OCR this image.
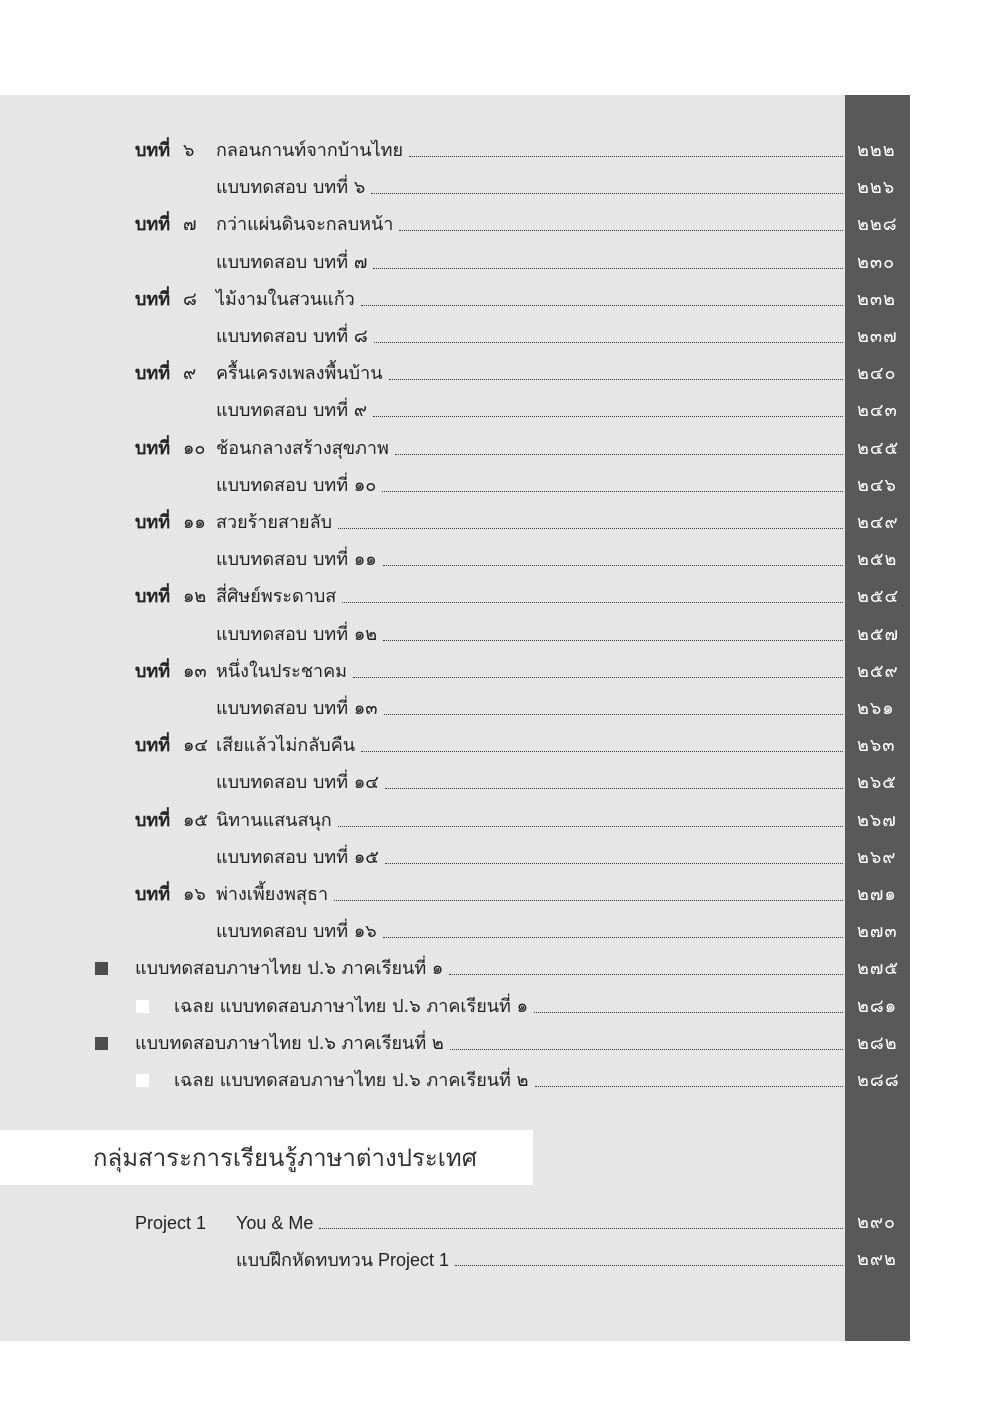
บทที่ ๖ กลอนกานท์จากบ้านไทย	๒๒๒
แบบทดสอบ บทที่ ๖	๒๒๖
บทที่ ๗ กว่าแผ่นดินจะกลบหน้า	๒๒๘
แบบทดสอบ บทที่ ๗	๒๓๐
บทที่ ๘ ไม้งามในสวนแก้ว	๒๓๒
แบบทดสอบ บทที่ ๘	๒๓๗
บทที่ ๙ ครื้นเครงเพลงพื้นบ้าน	๒๔๐
แบบทดสอบ บทที่ ๙	๒๔๓
บทที่ ๑๐ ช้อนกลางสร้างสุขภาพ	๒๔๕
แบบทดสอบ บทที่ ๑๐	๒๔๖
บทที่ ๑๑ สวยร้ายสายลับ	๒๔๙
แบบทดสอบ บทที่ ๑๑	๒๕๒
บทที่ ๑๒ สี่ศิษย์พระดาบส	๒๕๔
แบบทดสอบ บทที่ ๑๒	๒๕๗
บทที่ ๑๓ หนึ่งในประชาคม	๒๕๙
แบบทดสอบ บทที่ ๑๓	๒๖๑
บทที่ ๑๔ เสียแล้วไม่กลับคืน	๒๖๓
แบบทดสอบ บทที่ ๑๔	๒๖๕
บทที่ ๑๕ นิทานแสนสนุก	๒๖๗
แบบทดสอบ บทที่ ๑๕	๒๖๙
บทที่ ๑๖ พ่างเพี้ยงพสุธา	๒๗๑
แบบทดสอบ บทที่ ๑๖	๒๗๓
แบบทดสอบภาษาไทย ป.๖ ภาคเรียนที่ ๑	๒๗๕
เฉลย แบบทดสอบภาษาไทย ป.๖ ภาคเรียนที่ ๑	๒๘๑
แบบทดสอบภาษาไทย ป.๖ ภาคเรียนที่ ๒	๒๘๒
เฉลย แบบทดสอบภาษาไทย ป.๖ ภาคเรียนที่ ๒	๒๘๘
กลุ่มสาระการเรียนรู้ภาษาต่างประเทศ
Project 1 You & Me	๒๙๐
แบบฝึกหัดทบทวน Project 1	๒๙๒
